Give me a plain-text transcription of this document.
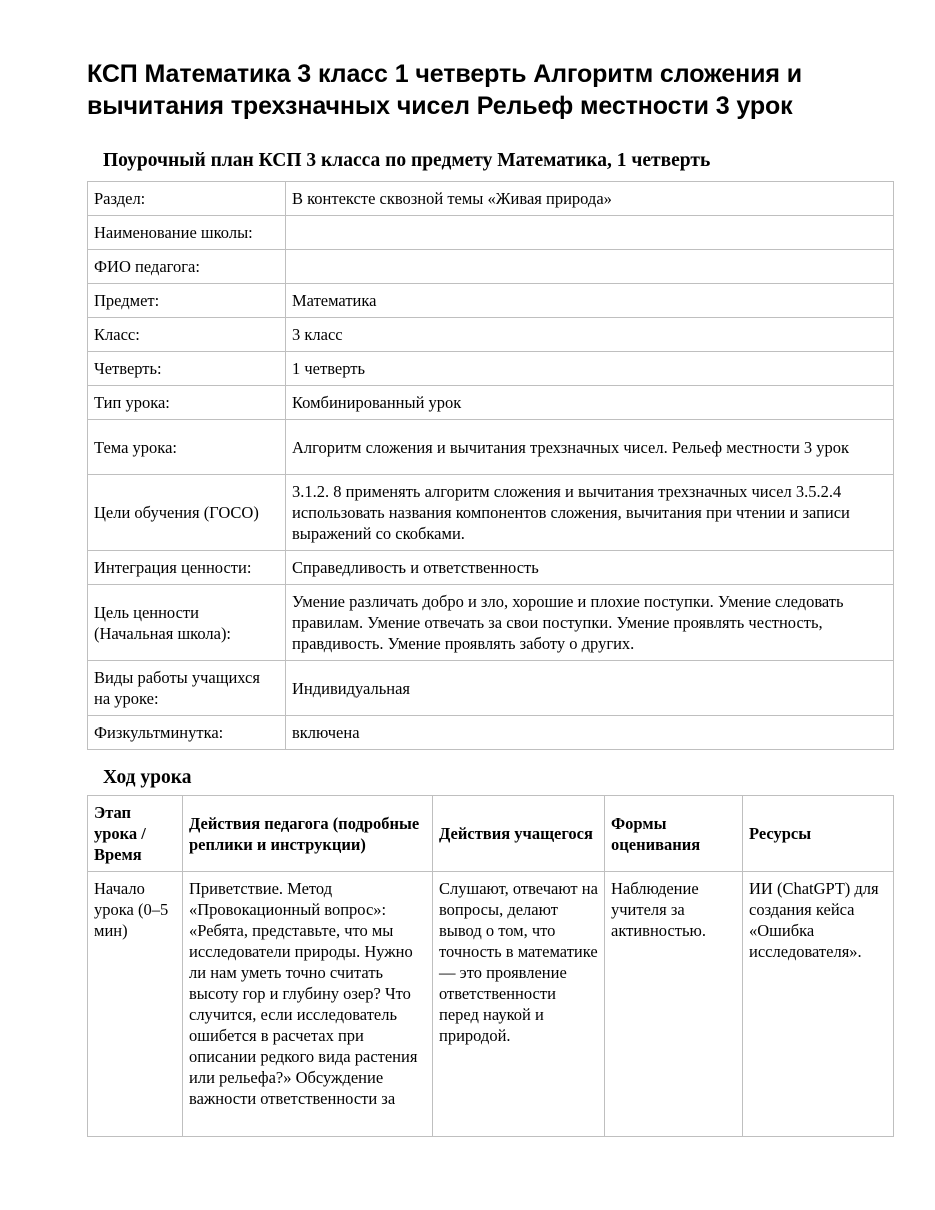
КСП Математика 3 класс 1 четверть Алгоритм сложения и вычитания трехзначных чисел Рельеф местности 3 урок
Поурочный план КСП 3 класса по предмету Математика, 1 четверть
Раздел:	В контексте сквозной темы «Живая природа»
Наименование школы:	
ФИО педагога:	
Предмет:	Математика
Класс:	3 класс
Четверть:	1 четверть
Тип урока:	Комбинированный урок
Тема урока:	Алгоритм сложения и вычитания трехзначных чисел. Рельеф местности 3 урок
Цели обучения (ГОСО)	3.1.2. 8 применять алгоритм сложения и вычитания трехзначных чисел 3.5.2.4 использовать названия компонентов сложения, вычитания при чтении и записи выражений со скобками.
Интеграция ценности:	Справедливость и ответственность
Цель ценности (Начальная школа):	Умение различать добро и зло, хорошие и плохие поступки. Умение следовать правилам. Умение отвечать за свои поступки. Умение проявлять честность, правдивость. Умение проявлять заботу о других.
Виды работы учащихся на уроке:	Индивидуальная
Физкультминутка:	включена
Ход урока
Этап урока / Время	Действия педагога (подробные реплики и инструкции)	Действия учащегося	Формы оценивания	Ресурсы
Начало урока (0–5 мин)	Приветствие. Метод «Провокационный вопрос»: «Ребята, представьте, что мы исследователи природы. Нужно ли нам уметь точно считать высоту гор и глубину озер? Что случится, если исследователь ошибется в расчетах при описании редкого вида растения или рельефа?» Обсуждение важности ответственности за	Слушают, отвечают на вопросы, делают вывод о том, что точность в математике — это проявление ответственности перед наукой и природой.	Наблюдение учителя за активностью.	ИИ (ChatGPT) для создания кейса «Ошибка исследователя».
